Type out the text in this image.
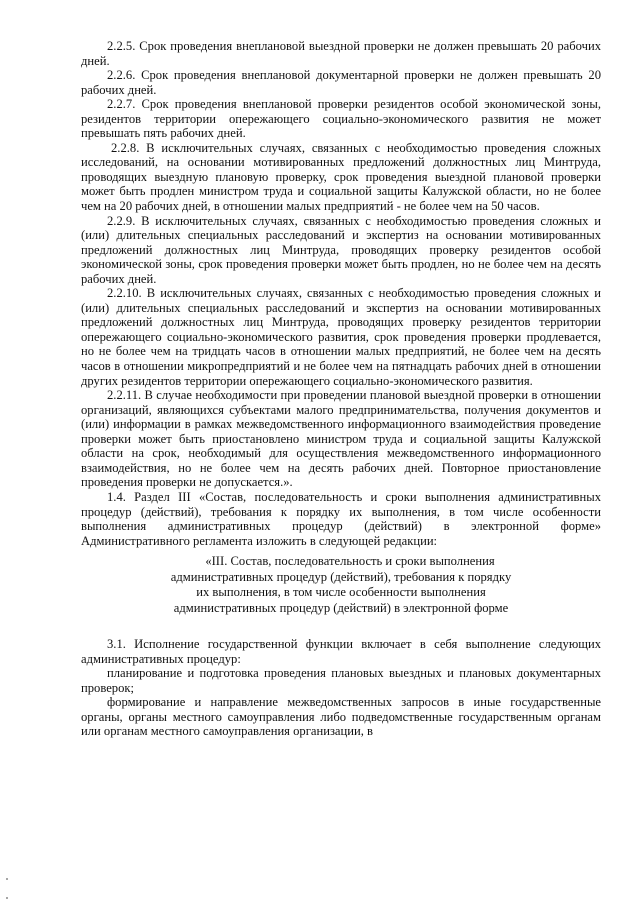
2.2.5. Срок проведения внеплановой выездной проверки не должен превышать 20 рабочих дней.

2.2.6. Срок проведения внеплановой документарной проверки не должен превышать 20 рабочих дней.

2.2.7. Срок проведения внеплановой проверки резидентов особой экономической зоны, резидентов территории опережающего социально-экономического развития не может превышать пять рабочих дней.

2.2.8. В исключительных случаях, связанных с необходимостью проведения сложных исследований, на основании мотивированных предложений должностных лиц Минтруда, проводящих выездную плановую проверку, срок проведения выездной плановой проверки может быть продлен министром труда и социальной защиты Калужской области, но не более чем на 20 рабочих дней, в отношении малых предприятий - не более чем на 50 часов.

2.2.9. В исключительных случаях, связанных с необходимостью проведения сложных и (или) длительных специальных расследований и экспертиз на основании мотивированных предложений должностных лиц Минтруда, проводящих проверку резидентов особой экономической зоны, срок проведения проверки может быть продлен, но не более чем на десять рабочих дней.

2.2.10. В исключительных случаях, связанных с необходимостью проведения сложных и (или) длительных специальных расследований и экспертиз на основании мотивированных предложений должностных лиц Минтруда, проводящих проверку резидентов территории опережающего социально-экономического развития, срок проведения проверки продлевается, но не более чем на тридцать часов в отношении малых предприятий, не более чем на десять часов в отношении микропредприятий и не более чем на пятнадцать рабочих дней в отношении других резидентов территории опережающего социально-экономического развития.

2.2.11. В случае необходимости при проведении плановой выездной проверки в отношении организаций, являющихся субъектами малого предпринимательства, получения документов и (или) информации в рамках межведомственного информационного взаимодействия проведение проверки может быть приостановлено министром труда и социальной защиты Калужской области на срок, необходимый для осуществления межведомственного информационного взаимодействия, но не более чем на десять рабочих дней. Повторное приостановление проведения проверки не допускается.».

1.4. Раздел III «Состав, последовательность и сроки выполнения административных процедур (действий), требования к порядку их выполнения, в том числе особенности выполнения административных процедур (действий) в электронной форме» Административного регламента изложить в следующей редакции:

«III. Состав, последовательность и сроки выполнения
административных процедур (действий), требования к порядку
их выполнения, в том числе особенности выполнения
административных процедур (действий) в электронной форме

3.1. Исполнение государственной функции включает в себя выполнение следующих административных процедур:

планирование и подготовка проведения плановых выездных и плановых документарных проверок;

формирование и направление межведомственных запросов в иные государственные органы, органы местного самоуправления либо подведомственные государственным органам или органам местного самоуправления организации, в
